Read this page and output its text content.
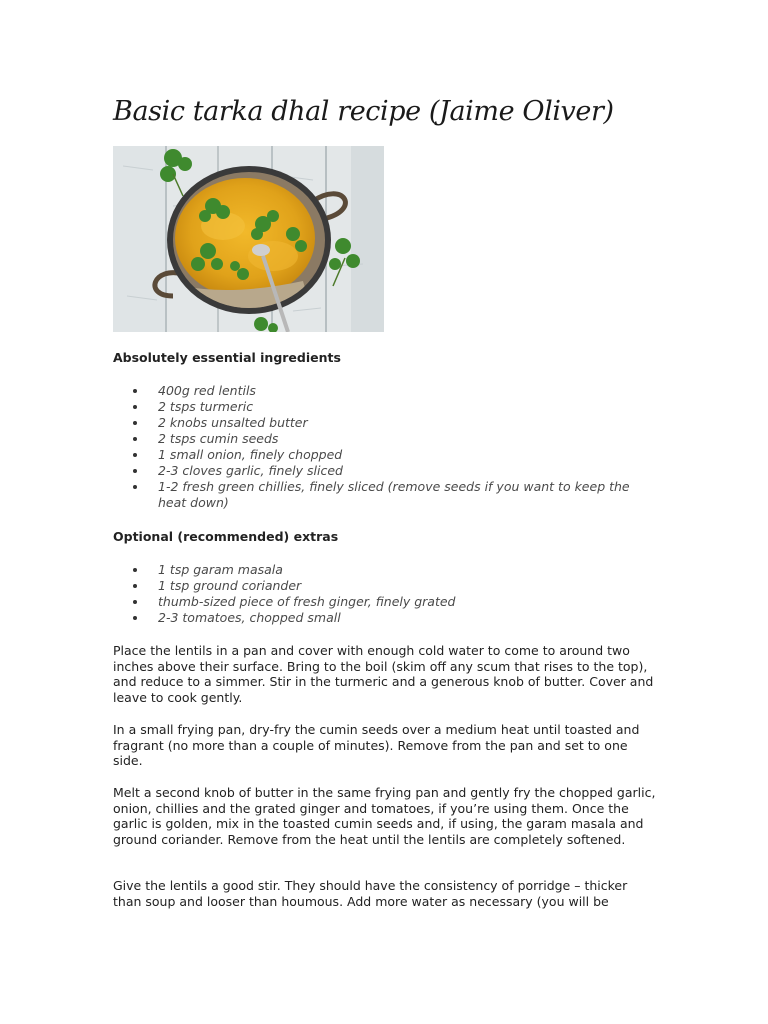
Basic tarka dhal recipe (Jaime Oliver)
Absolutely essential ingredients
400g red lentils
2 tsps turmeric
2 knobs unsalted butter
2 tsps cumin seeds
1 small onion, finely chopped
2-3 cloves garlic, finely sliced
1-2 fresh green chillies, finely sliced (remove seeds if you want to keep the heat down)
Optional (recommended) extras
1 tsp garam masala
1 tsp ground coriander
thumb-sized piece of fresh ginger, finely grated
2-3 tomatoes, chopped small

Place the lentils in a pan and cover with enough cold water to come to around two inches above their surface. Bring to the boil (skim off any scum that rises to the top), and reduce to a simmer. Stir in the turmeric and a generous knob of butter. Cover and leave to cook gently.

In a small frying pan, dry-fry the cumin seeds over a medium heat until toasted and fragrant (no more than a couple of minutes). Remove from the pan and set to one side.

Melt a second knob of butter in the same frying pan and gently fry the chopped garlic, onion, chillies and the grated ginger and tomatoes, if you’re using them. Once the garlic is golden, mix in the toasted cumin seeds and, if using, the garam masala and ground coriander. Remove from the heat until the lentils are completely softened.

Give the lentils a good stir. They should have the consistency of porridge – thicker than soup and looser than houmous. Add more water as necessary (you will be
